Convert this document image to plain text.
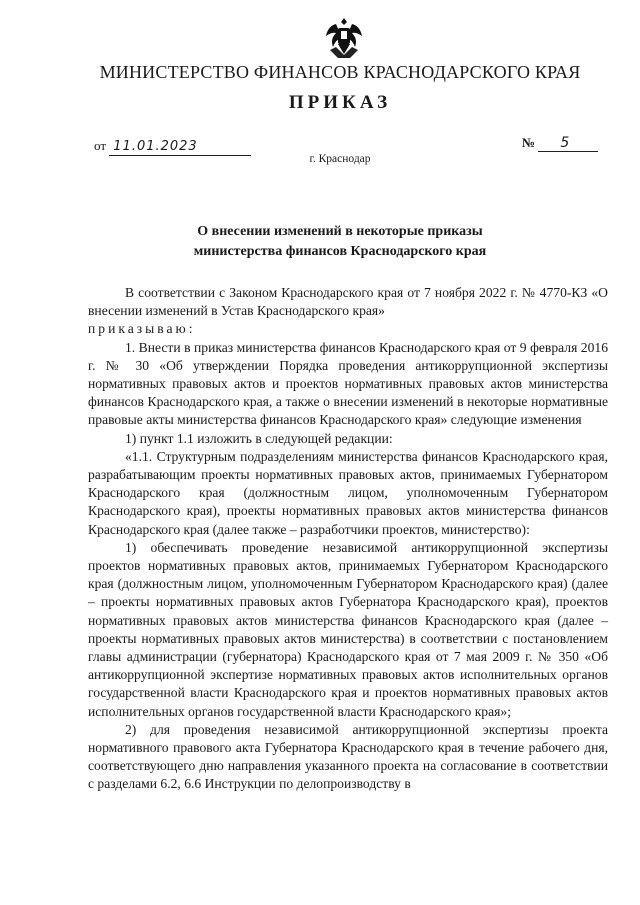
МИНИСТЕРСТВО ФИНАНСОВ КРАСНОДАРСКОГО КРАЯ
ПРИКАЗ
от 11.01.2023	№ 5
г. Краснодар
О внесении изменений в некоторые приказы
министерства финансов Краснодарского края

В соответствии с Законом Краснодарского края от 7 ноября 2022 г. № 4770-КЗ «О внесении изменений в Устав Краснодарского края»

приказываю:

1. Внести в приказ министерства финансов Краснодарского края от 9 февраля 2016 г. № 30 «Об утверждении Порядка проведения антикоррупционной экспертизы нормативных правовых актов и проектов нормативных правовых актов министерства финансов Краснодарского края, а также о внесении изменений в некоторые нормативные правовые акты министерства финансов Краснодарского края» следующие изменения

1) пункт 1.1 изложить в следующей редакции:

«1.1. Структурным подразделениям министерства финансов Краснодарского края, разрабатывающим проекты нормативных правовых актов, принимаемых Губернатором Краснодарского края (должностным лицом, уполномоченным Губернатором Краснодарского края), проекты нормативных правовых актов министерства финансов Краснодарского края (далее также – разработчики проектов, министерство):

1) обеспечивать проведение независимой антикоррупционной экспертизы проектов нормативных правовых актов, принимаемых Губернатором Краснодарского края (должностным лицом, уполномоченным Губернатором Краснодарского края) (далее – проекты нормативных правовых актов Губернатора Краснодарского края), проектов нормативных правовых актов министерства финансов Краснодарского края (далее – проекты нормативных правовых актов министерства) в соответствии с постановлением главы администрации (губернатора) Краснодарского края от 7 мая 2009 г. № 350 «Об антикоррупционной экспертизе нормативных правовых актов исполнительных органов государственной власти Краснодарского края и проектов нормативных правовых актов исполнительных органов государственной власти Краснодарского края»;

2) для проведения независимой антикоррупционной экспертизы проекта нормативного правового акта Губернатора Краснодарского края в течение рабочего дня, соответствующего дню направления указанного проекта на согласование в соответствии с разделами 6.2, 6.6 Инструкции по делопроизводству в
